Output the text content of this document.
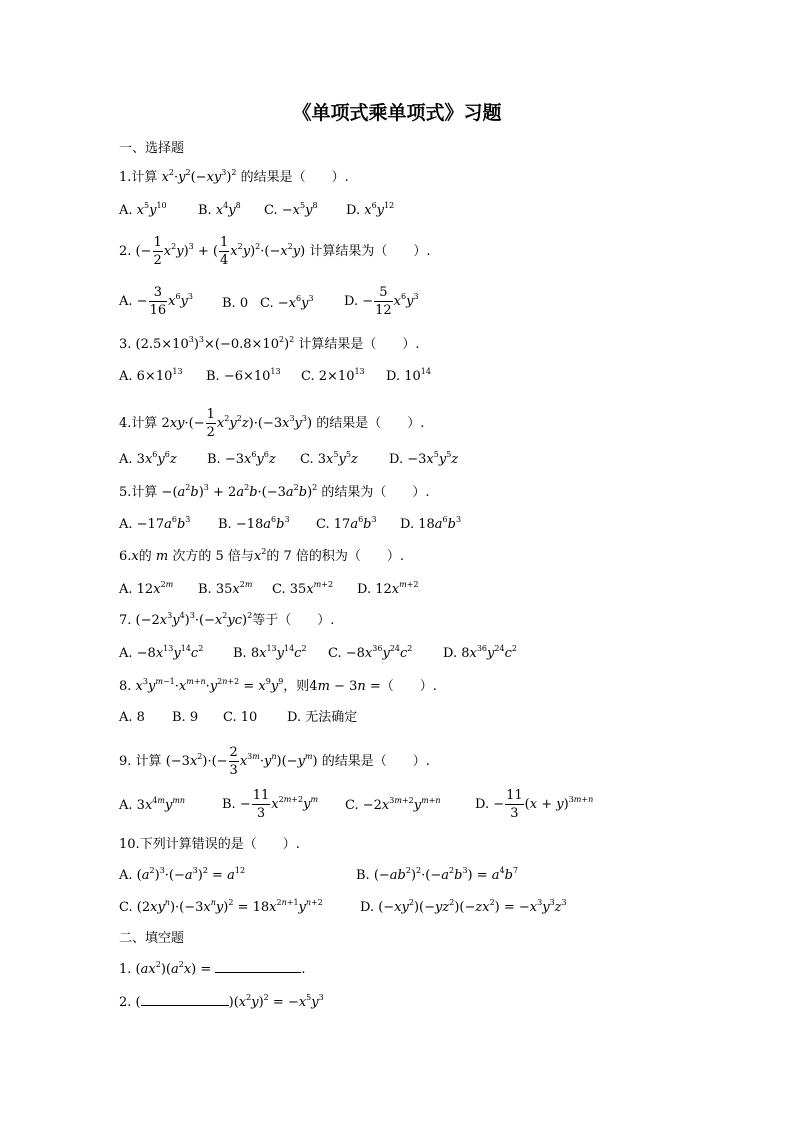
《单项式乘单项式》习题
一、选择题
1.计算 $x^2\cdot y^2(-xy^3)^2$ 的结果是（　　）.
A. $x^5y^{10}$ B. $x^4y^8$ C. $-x^5y^8$ D. $x^6y^{12}$
2. (− $\frac{1}{2} x^2y)^3$ + ( $\frac{1}{4} x^2y)^2\cdot(-x^2y)$ 计算结果为（　　）.
A. − $\frac{3}{16} x^6y^3$ B. 0 C. $-x^6y^3$ D. − $\frac{5}{12} x^6y^3$
3. $(2.5\times 10^3)^3\times(-0.8\times 10^2)^2$ 计算结果是（　　）.
A. $6\times 10^{13}$ B. $-6\times 10^{13}$ C. $2\times 10^{13}$ D. $10^{14}$
4.计算 $2xy\cdot(- \frac{1}{2} x^2y^2z)\cdot(-3x^3y^3)$ 的结果是（　　）.
A. $3x^6y^6z$ B. $-3x^6y^6z$ C. $3x^5y^5z$ D. $-3x^5y^5z$
5.计算 $-(a^2b)^3 + 2a^2b\cdot(-3a^2b)^2$ 的结果为（　　）.
A. $-17a^6b^3$ B. $-18a^6b^3$ C. $17a^6b^3$ D. $18a^6b^3$
6.x的 m 次方的 5 倍与$x^2$的 7 倍的积为（　　）.
A. $12x^{2m}$ B. $35x^{2m}$ C. $35x^{m+2}$ D. $12x^{m+2}$
7. $(-2x^3y^4)^3\cdot(-x^2yc)^2$等于（　　）.
A. $-8x^{13}y^{14}c^2$ B. $8x^{13}y^{14}c^2$ C. $-8x^{36}y^{24}c^2$ D. $8x^{36}y^{24}c^2$
8. $x^3y^{m-1}\cdot x^{m+n}\cdot y^{2n+2} = x^9y^9$，则4m − 3n =（　　）.
A. 8 B. 9 C. 10 D. 无法确定
9. 计算 $(-3x^2)\cdot(- \frac{2}{3} x^{3m}\cdot y^n)(-y^m)$ 的结果是（　　）.
A. $3x^{4m}y^{mn}$	B. − $\frac{11}{3} x^{2m+2}y^m$ C. $-2x^{3m+2}y^{m+n}$	D. − $\frac{11}{3} (x + y)^{3m+n}$
10.下列计算错误的是（　　）.
A. $(a^2)^3\cdot(-a^3)^2 = a^{12}$	B. $(-ab^2)^2\cdot(-a^2b^3) = a^4b^7$
C. $(2xy^n)\cdot(-3x^ny)^2 = 18x^{2n+1}y^{n+2}$	D. $(-xy^2)(-yz^2)(-zx^2) = -x^3y^3z^3$
二、填空题
1. $(ax^2)(a^2x)$ =	.
2. (	)$(x^2y)^2 = -x^5y^3$
